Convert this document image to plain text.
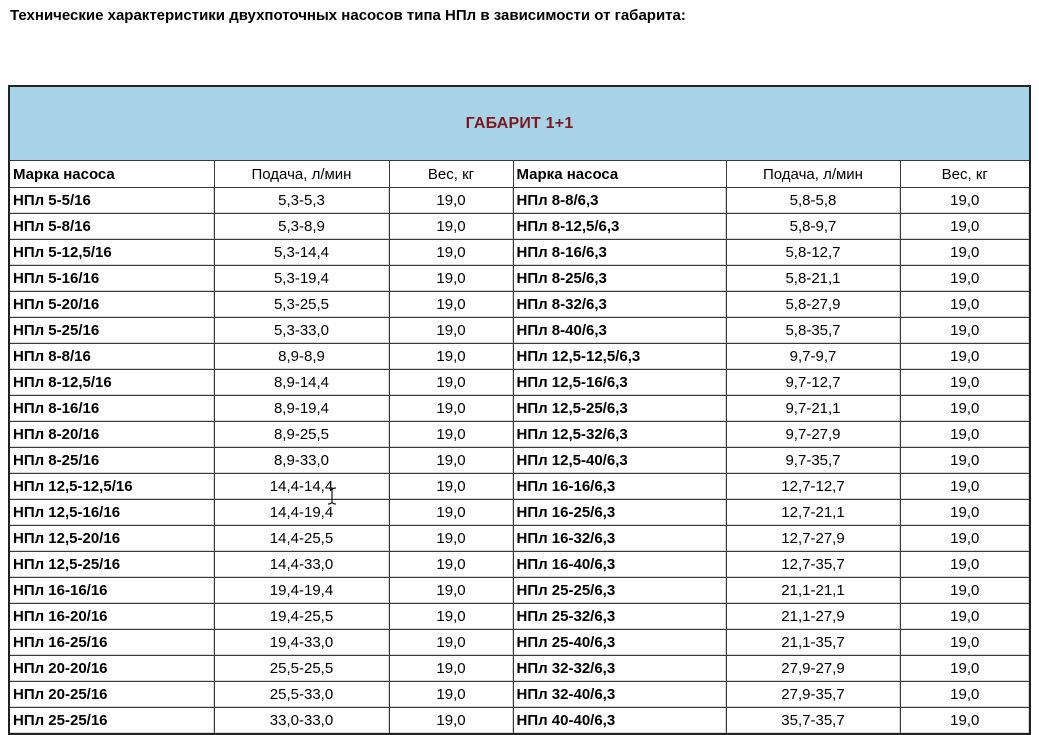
Технические характеристики двухпоточных насосов типа НПл в зависимости от габарита:
ГАБАРИТ 1+1					
Марка насоса	Подача, л/мин	Вес, кг	Марка насоса	Подача, л/мин	Вес, кг
НПл 5-5/16	5,3-5,3	19,0	НПл 8-8/6,3	5,8-5,8	19,0
НПл 5-8/16	5,3-8,9	19,0	НПл 8-12,5/6,3	5,8-9,7	19,0
НПл 5-12,5/16	5,3-14,4	19,0	НПл 8-16/6,3	5,8-12,7	19,0
НПл 5-16/16	5,3-19,4	19,0	НПл 8-25/6,3	5,8-21,1	19,0
НПл 5-20/16	5,3-25,5	19,0	НПл 8-32/6,3	5,8-27,9	19,0
НПл 5-25/16	5,3-33,0	19,0	НПл 8-40/6,3	5,8-35,7	19,0
НПл 8-8/16	8,9-8,9	19,0	НПл 12,5-12,5/6,3	9,7-9,7	19,0
НПл 8-12,5/16	8,9-14,4	19,0	НПл 12,5-16/6,3	9,7-12,7	19,0
НПл 8-16/16	8,9-19,4	19,0	НПл 12,5-25/6,3	9,7-21,1	19,0
НПл 8-20/16	8,9-25,5	19,0	НПл 12,5-32/6,3	9,7-27,9	19,0
НПл 8-25/16	8,9-33,0	19,0	НПл 12,5-40/6,3	9,7-35,7	19,0
НПл 12,5-12,5/16	14,4-14,4	19,0	НПл 16-16/6,3	12,7-12,7	19,0
НПл 12,5-16/16	14,4-19,4	19,0	НПл 16-25/6,3	12,7-21,1	19,0
НПл 12,5-20/16	14,4-25,5	19,0	НПл 16-32/6,3	12,7-27,9	19,0
НПл 12,5-25/16	14,4-33,0	19,0	НПл 16-40/6,3	12,7-35,7	19,0
НПл 16-16/16	19,4-19,4	19,0	НПл 25-25/6,3	21,1-21,1	19,0
НПл 16-20/16	19,4-25,5	19,0	НПл 25-32/6,3	21,1-27,9	19,0
НПл 16-25/16	19,4-33,0	19,0	НПл 25-40/6,3	21,1-35,7	19,0
НПл 20-20/16	25,5-25,5	19,0	НПл 32-32/6,3	27,9-27,9	19,0
НПл 20-25/16	25,5-33,0	19,0	НПл 32-40/6,3	27,9-35,7	19,0
НПл 25-25/16	33,0-33,0	19,0	НПл 40-40/6,3	35,7-35,7	19,0
